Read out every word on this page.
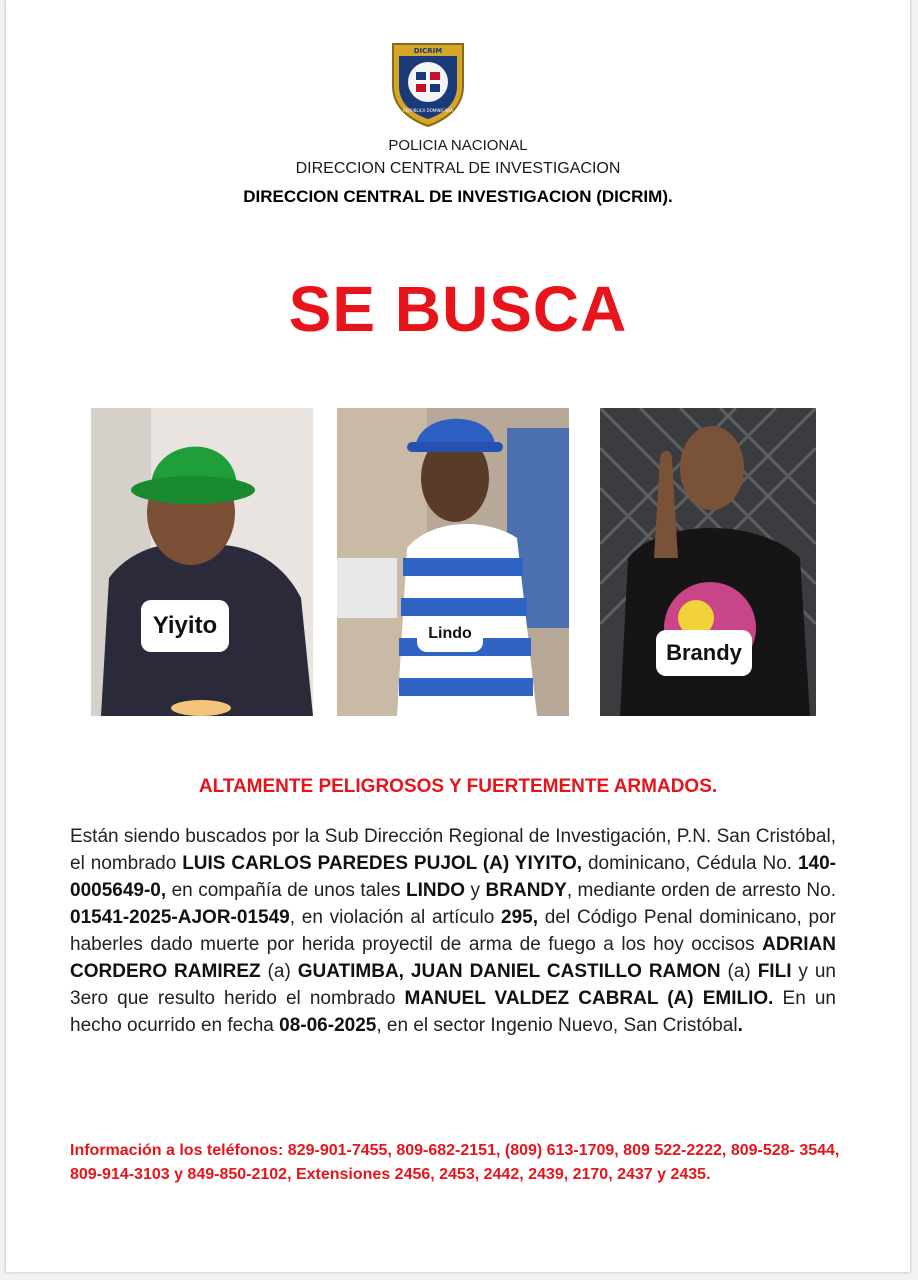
DICRIM
REPUBLICA DOMINICANA
POLICIA NACIONAL
DIRECCION CENTRAL DE INVESTIGACION
DIRECCION CENTRAL DE INVESTIGACION (DICRIM).
SE BUSCA
Yiyito	Lindo
Brandy
ALTAMENTE PELIGROSOS Y FUERTEMENTE ARMADOS.
Están siendo buscados por la Sub Dirección Regional de Investigación, P.N. San Cristóbal, el nombrado LUIS CARLOS PAREDES PUJOL (A) YIYITO, dominicano, Cédula No. 140-0005649-0, en compañía de unos tales LINDO y BRANDY, mediante orden de arresto No. 01541-2025-AJOR-01549, en violación al artículo 295, del Código Penal dominicano, por haberles dado muerte por herida proyectil de arma de fuego a los hoy occisos ADRIAN CORDERO RAMIREZ (a) GUATIMBA, JUAN DANIEL CASTILLO RAMON (a) FILI y un 3ero que resulto herido el nombrado MANUEL VALDEZ CABRAL (A) EMILIO. En un hecho ocurrido en fecha 08-06-2025, en el sector Ingenio Nuevo, San Cristóbal.
Información a los teléfonos: 829-901-7455, 809-682-2151, (809) 613-1709, 809 522-2222, 809-528- 3544, 809-914-3103 y 849-850-2102, Extensiones 2456, 2453, 2442, 2439, 2170, 2437 y 2435.
